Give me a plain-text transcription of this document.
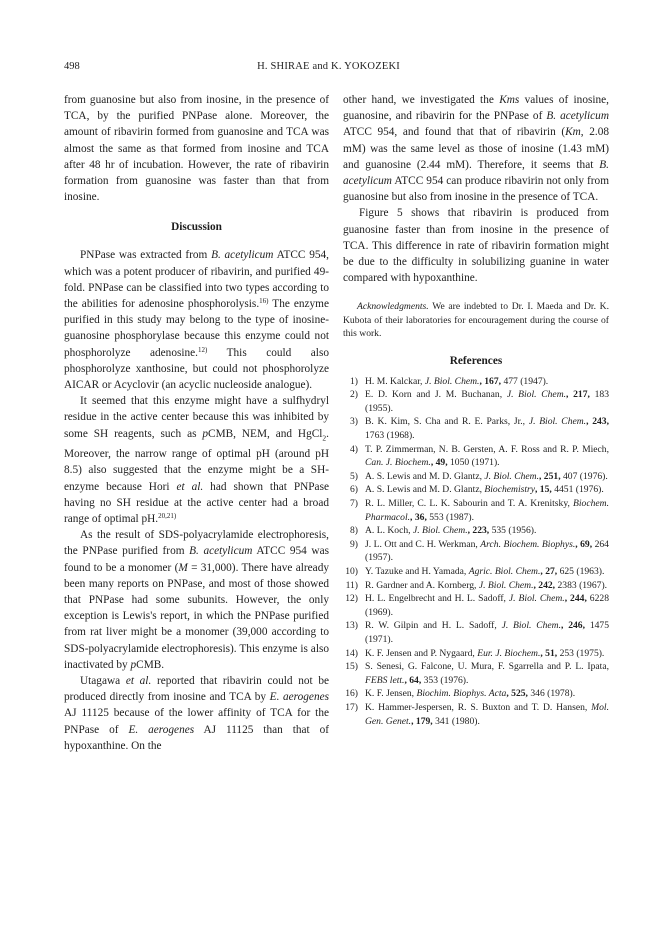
498	H. SHIRAE and K. YOKOZEKI

from guanosine but also from inosine, in the presence of TCA, by the purified PNPase alone. Moreover, the amount of ribavirin formed from guanosine and TCA was almost the same as that formed from inosine and TCA after 48 hr of incubation. However, the rate of ribavirin formation from guanosine was faster than that from inosine.

Discussion

PNPase was extracted from B. acetylicum ATCC 954, which was a potent producer of ribavirin, and purified 49-fold. PNPase can be classified into two types according to the abilities for adenosine phosphorolysis.$^{16)}$ The enzyme purified in this study may belong to the type of inosine-guanosine phosphorylase because this enzyme could not phosphorolyze adenosine.$^{12)}$ This could also phosphorolyze xanthosine, but could not phosphorolyze AICAR or Acyclovir (an acyclic nucleoside analogue).

It seemed that this enzyme might have a sulfhydryl residue in the active center because this was inhibited by some SH reagents, such as pCMB, NEM, and HgCl$_2$. Moreover, the narrow range of optimal pH (around pH 8.5) also suggested that the enzyme might be a SH-enzyme because Hori et al. had shown that PNPase having no SH residue at the active center had a broad range of optimal pH.$^{20,21)}$

As the result of SDS-polyacrylamide electrophoresis, the PNPase purified from B. acetylicum ATCC 954 was found to be a monomer (M = 31,000). There have already been many reports on PNPase, and most of those showed that PNPase had some subunits. However, the only exception is Lewis's report, in which the PNPase purified from rat liver might be a monomer (39,000 according to SDS-polyacrylamide electrophoresis). This enzyme is also inactivated by pCMB.

Utagawa et al. reported that ribavirin could not be produced directly from inosine and TCA by E. aerogenes AJ 11125 because of the lower affinity of TCA for the PNPase of E. aerogenes AJ 11125 than that of hypoxanthine. On the

other hand, we investigated the Kms values of inosine, guanosine, and ribavirin for the PNPase of B. acetylicum ATCC 954, and found that that of ribavirin (Km, 2.08 mM) was the same level as those of inosine (1.43 mM) and guanosine (2.44 mM). Therefore, it seems that B. acetylicum ATCC 954 can produce ribavirin not only from guanosine but also from inosine in the presence of TCA.

Figure 5 shows that ribavirin is produced from guanosine faster than from inosine in the presence of TCA. This difference in rate of ribavirin formation might be due to the difficulty in solubilizing guanine in water compared with hypoxanthine.

Acknowledgments. We are indebted to Dr. I. Maeda and Dr. K. Kubota of their laboratories for encouragement during the course of this work.
References
1) H. M. Kalckar, J. Biol. Chem., 167, 477 (1947).
2) E. D. Korn and J. M. Buchanan, J. Biol. Chem., 217, 183 (1955).
3) B. K. Kim, S. Cha and R. E. Parks, Jr., J. Biol. Chem., 243, 1763 (1968).
4) T. P. Zimmerman, N. B. Gersten, A. F. Ross and R. P. Miech, Can. J. Biochem., 49, 1050 (1971).
5) A. S. Lewis and M. D. Glantz, J. Biol. Chem., 251, 407 (1976).
6) A. S. Lewis and M. D. Glantz, Biochemistry, 15, 4451 (1976).
7) R. L. Miller, C. L. K. Sabourin and T. A. Krenitsky, Biochem. Pharmacol., 36, 553 (1987).
8) A. L. Koch, J. Biol. Chem., 223, 535 (1956).
9) J. L. Ott and C. H. Werkman, Arch. Biochem. Biophys., 69, 264 (1957).
10) Y. Tazuke and H. Yamada, Agric. Biol. Chem., 27, 625 (1963).
11) R. Gardner and A. Kornberg, J. Biol. Chem., 242, 2383 (1967).
12) H. L. Engelbrecht and H. L. Sadoff, J. Biol. Chem., 244, 6228 (1969).
13) R. W. Gilpin and H. L. Sadoff, J. Biol. Chem., 246, 1475 (1971).
14) K. F. Jensen and P. Nygaard, Eur. J. Biochem., 51, 253 (1975).
15) S. Senesi, G. Falcone, U. Mura, F. Sgarrella and P. L. Ipata, FEBS lett., 64, 353 (1976).
16) K. F. Jensen, Biochim. Biophys. Acta, 525, 346 (1978).
17) K. Hammer-Jespersen, R. S. Buxton and T. D. Hansen, Mol. Gen. Genet., 179, 341 (1980).
